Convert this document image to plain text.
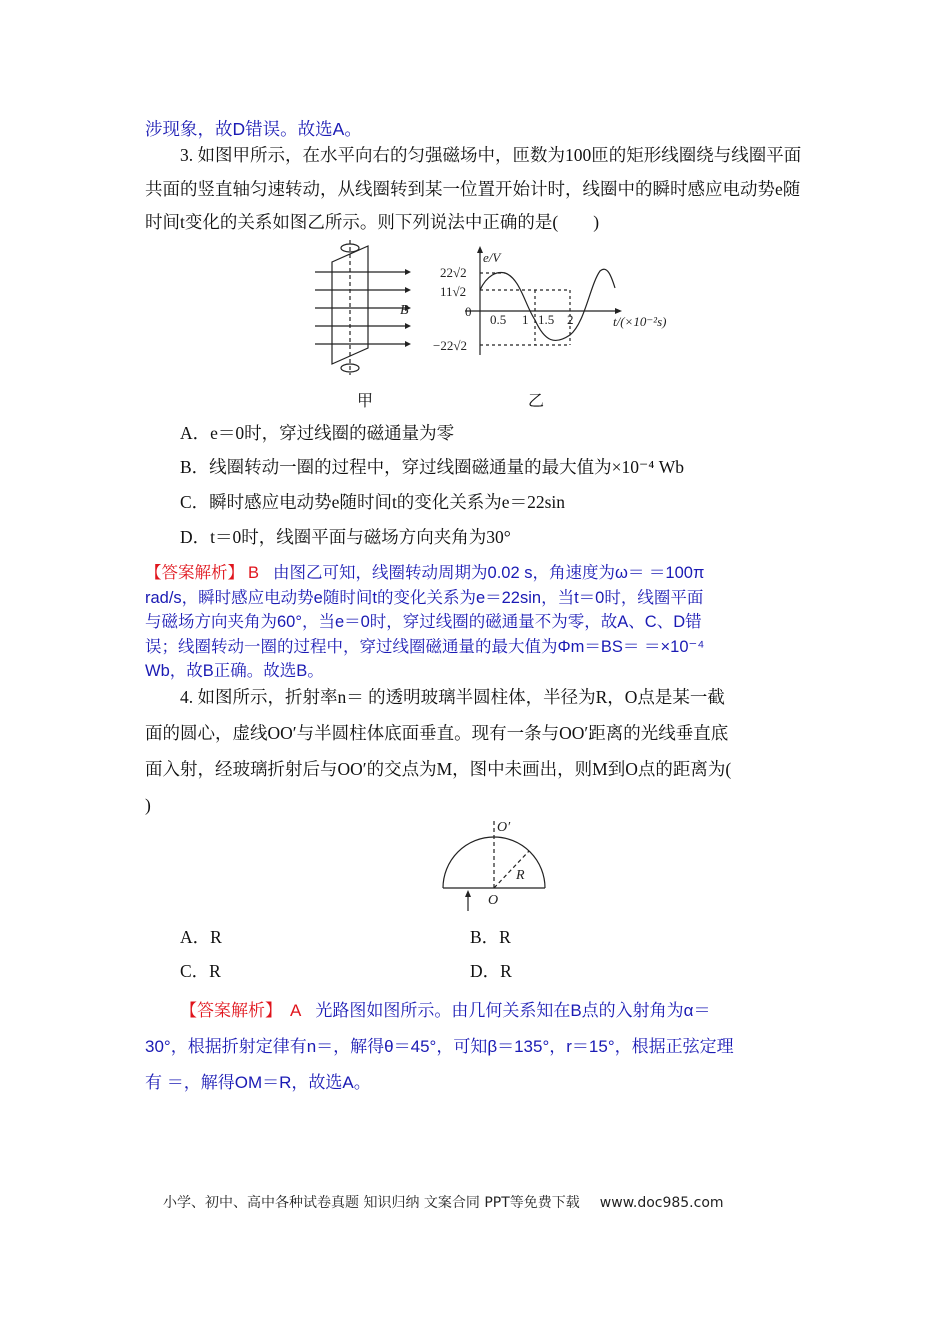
涉现象，故D错误。故选A。
3. 如图甲所示，在水平向右的匀强磁场中，匝数为100匝的矩形线圈绕与线圈平面共面的竖直轴匀速转动，从线圈转到某一位置开始计时，线圈中的瞬时感应电动势e随时间t变化的关系如图乙所示。则下列说法中正确的是(　　)
B
e/V
22√2
11√2
0
−22√2
0.5 1 1.5 2	t/(×10⁻²s)
甲	乙
A．e＝0时，穿过线圈的磁通量为零
B．线圈转动一圈的过程中，穿过线圈磁通量的最大值为×10⁻⁴ Wb
C．瞬时感应电动势e随时间t的变化关系为e＝22sin
D．t＝0时，线圈平面与磁场方向夹角为30°
【答案解析】 B 由图乙可知，线圈转动周期为0.02 s，角速度为ω＝ ＝100π
rad/s，瞬时感应电动势e随时间t的变化关系为e＝22sin，当t＝0时，线圈平面
与磁场方向夹角为60°，当e＝0时，穿过线圈的磁通量不为零，故A、C、D错
误；线圈转动一圈的过程中，穿过线圈磁通量的最大值为Φm＝BS＝ ＝×10⁻⁴
Wb，故B正确。故选B。
4. 如图所示，折射率n＝ 的透明玻璃半圆柱体，半径为R，O点是某一截
面的圆心，虚线OO′与半圆柱体底面垂直。现有一条与OO′距离的光线垂直底
面入射，经玻璃折射后与OO′的交点为M，图中未画出，则M到O点的距离为(
)
O′
R
O
A．R	B．R
C．R	D．R
【答案解析】 A 光路图如图所示。由几何关系知在B点的入射角为α＝
30°，根据折射定律有n＝，解得θ＝45°，可知β＝135°，r＝15°，根据正弦定理
有 ＝，解得OM＝R，故选A。
小学、初中、高中各种试卷真题 知识归纳 文案合同 PPT等免费下载 www.doc985.com
